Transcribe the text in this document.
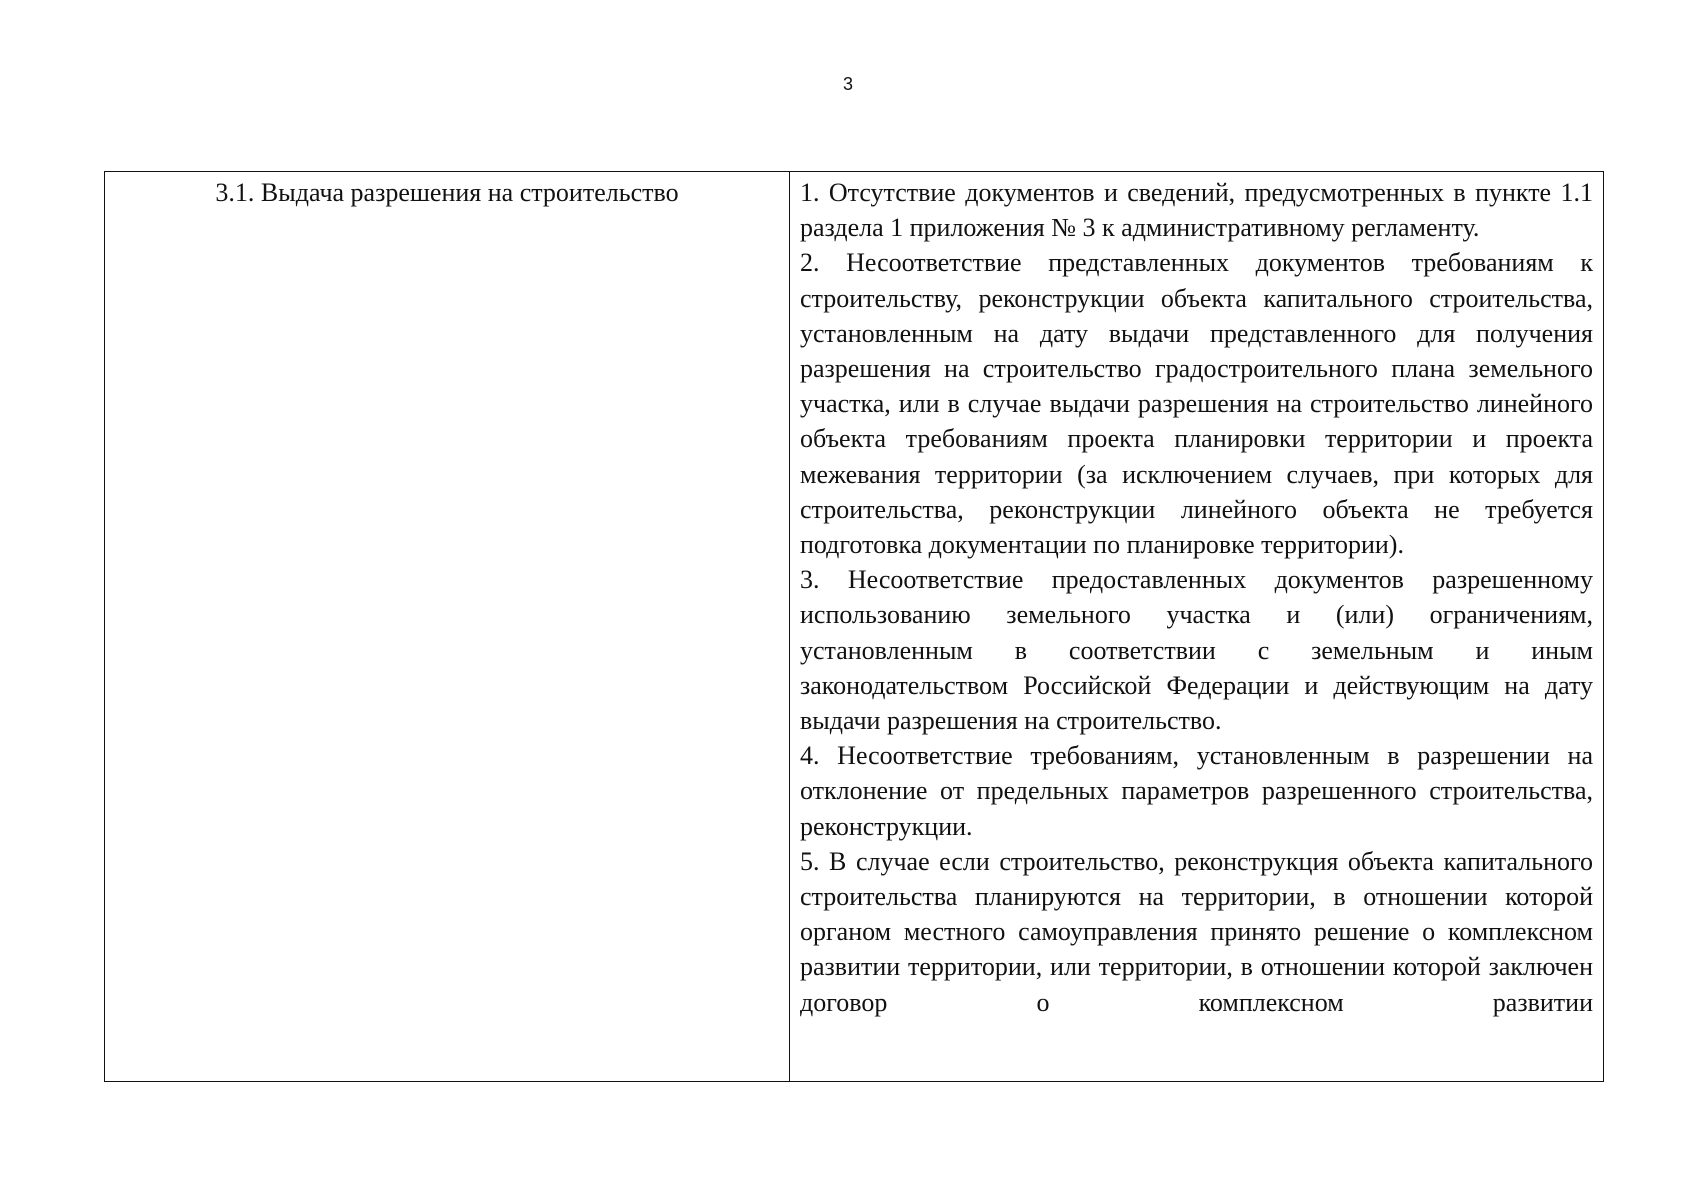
3
3.1. Выдача разрешения на строительство	1. Отсутствие документов и сведений, предусмотренных в пункте 1.1 раздела 1 приложения № 3 к административному регламенту.

2. Несоответствие представленных документов требованиям к строительству, реконструкции объекта капитального строительства, установленным на дату выдачи представленного для получения разрешения на строительство градостроительного плана земельного участка, или в случае выдачи разрешения на строительство линейного объекта требованиям проекта планировки территории и проекта межевания территории (за исключением случаев, при которых для строительства, реконструкции линейного объекта не требуется подготовка документации по планировке территории).

3. Несоответствие предоставленных документов разрешенному использованию земельного участка и (или) ограничениям, установленным в соответствии с земельным и иным законодательством Российской Федерации и действующим на дату выдачи разрешения на строительство.

4. Несоответствие требованиям, установленным в разрешении на отклонение от предельных параметров разрешенного строительства, реконструкции.

5. В случае если строительство, реконструкция объекта капитального строительства планируются на территории, в отношении которой органом местного самоуправления принято решение о комплексном развитии территории, или территории, в отношении которой заключен договор о комплексном развитии
